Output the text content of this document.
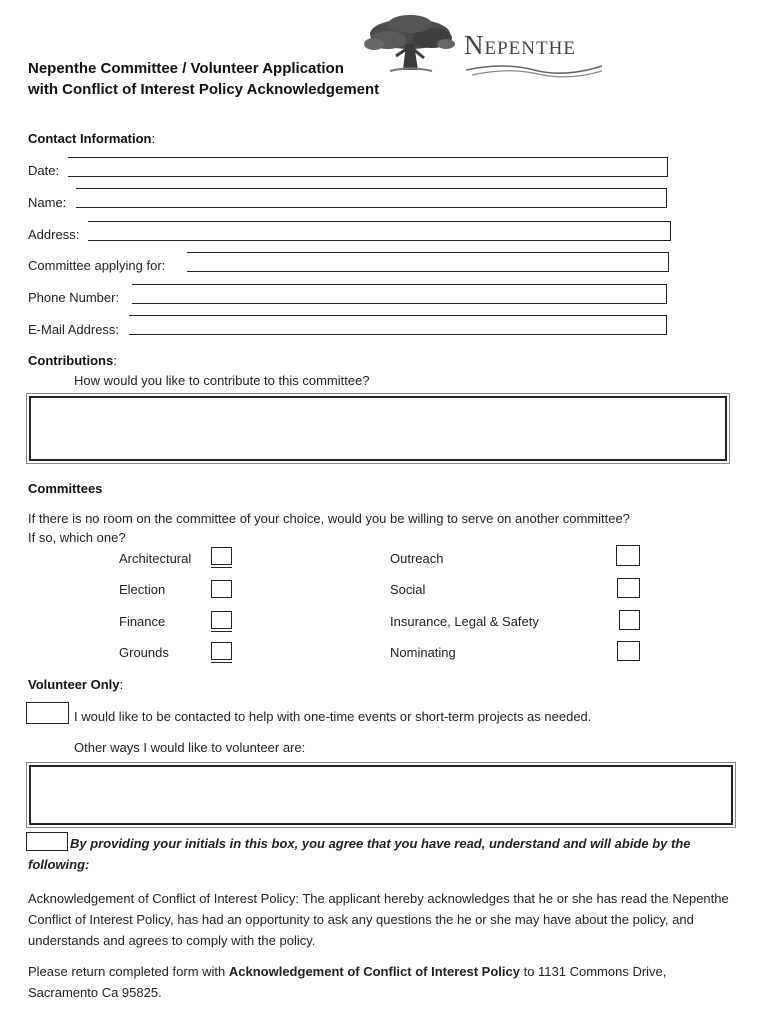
Nepenthe
Nepenthe Committee / Volunteer Application
with Conflict of Interest Policy Acknowledgement
Contact Information:
Date:
Name:
Address:
Committee applying for:
Phone Number:
E-Mail Address:
Contributions:
How would you like to contribute to this committee?
Committees
If there is no room on the committee of your choice, would you be willing to serve on another committee?
If so, which one?
Architectural
Election
Finance
Grounds
Outreach
Social
Insurance, Legal & Safety
Nominating
Volunteer Only:
I would like to be contacted to help with one-time events or short-term projects as needed.
Other ways I would like to volunteer are:
By providing your initials in this box, you agree that you have read, understand and will abide by the
following:
Acknowledgement of Conflict of Interest Policy: The applicant hereby acknowledges that he or she has read the Nepenthe Conflict of Interest Policy, has had an opportunity to ask any questions the he or she may have about the policy, and understands and agrees to comply with the policy.
Please return completed form with Acknowledgement of Conflict of Interest Policy to 1131 Commons Drive, Sacramento Ca 95825.
